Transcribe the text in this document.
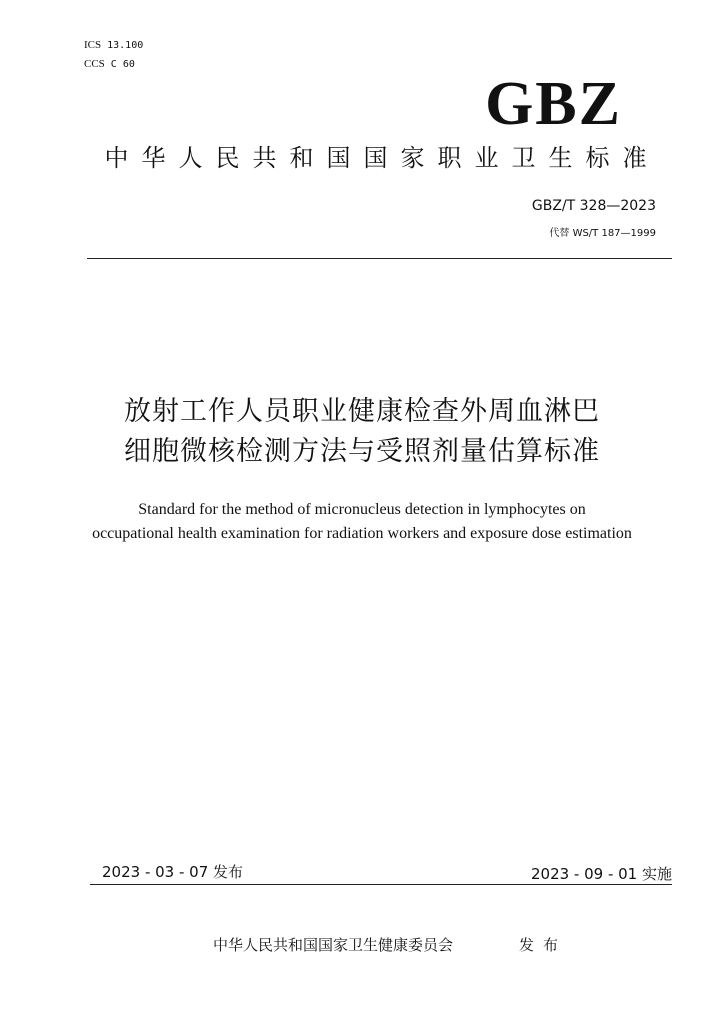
ICS 13.100
CCS C 60
GBZ
中华人民共和国国家职业卫生标准
GBZ/T 328—2023
代替 WS/T 187—1999
放射工作人员职业健康检查外周血淋巴
细胞微核检测方法与受照剂量估算标准
Standard for the method of micronucleus detection in lymphocytes on
occupational health examination for radiation workers and exposure dose estimation
2023 - 03 - 07 发布	2023 - 09 - 01 实施
中华人民共和国国家卫生健康委员会	发布
